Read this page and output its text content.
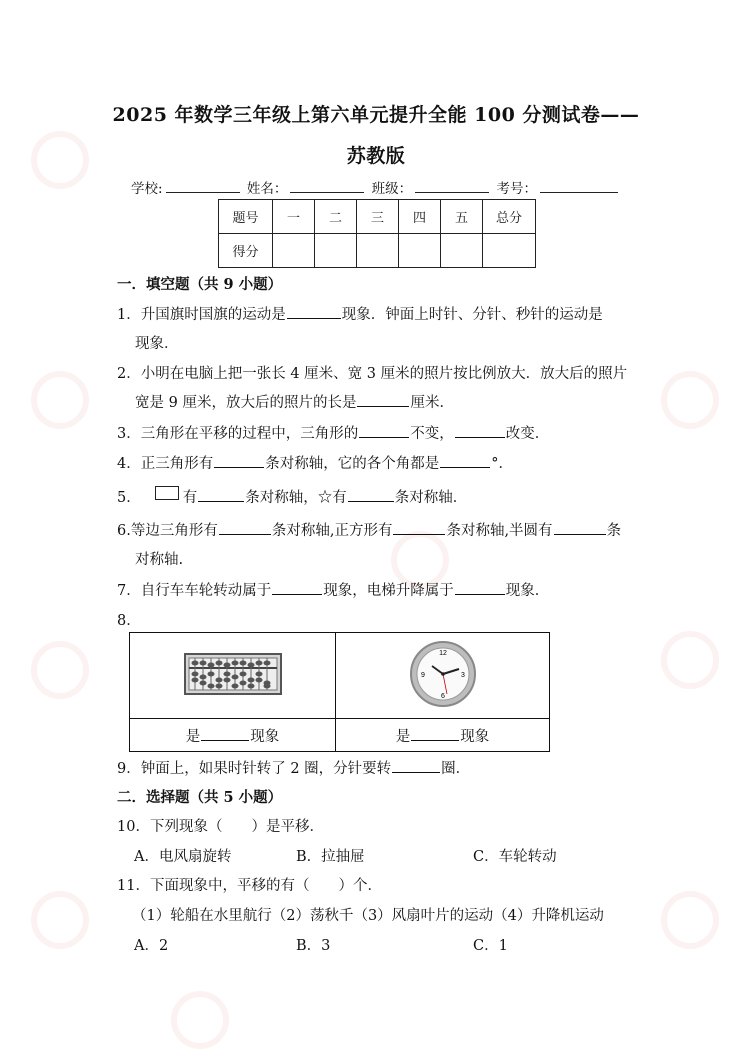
2025 年数学三年级上第六单元提升全能 100 分测试卷——
苏教版
学校:	姓名：	班级：	考号：
题号	一	二	三	四	五	总分
得分						
一．填空题（共 9 小题）
1．升国旗时国旗的运动是	现象．钟面上时针、分针、秒针的运动是
现象．
2．小明在电脑上把一张长 4 厘米、宽 3 厘米的照片按比例放大．放大后的照片
宽是 9 厘米，放大后的照片的长是	厘米．
3．三角形在平移的过程中，三角形的	不变，	改变．
4．正三角形有	条对称轴，它的各个角都是	°．
5．	有	条对称轴，☆有	条对称轴．
6.等边三角形有	条对称轴,正方形有	条对称轴,半圆有	条
对称轴.
7．自行车车轮转动属于	现象，电梯升降属于	现象．
8．

12
3
6
9

是 现象	是 现象
9．钟面上，如果时针转了 2 圈，分针要转	圈．
二．选择题（共 5 小题）
10．下列现象（　　）是平移．
A．电风扇旋转	B．拉抽屉	C．车轮转动
11．下面现象中，平移的有（　　）个．
（1）轮船在水里航行（2）荡秋千（3）风扇叶片的运动（4）升降机运动
A．2	B．3	C．1
